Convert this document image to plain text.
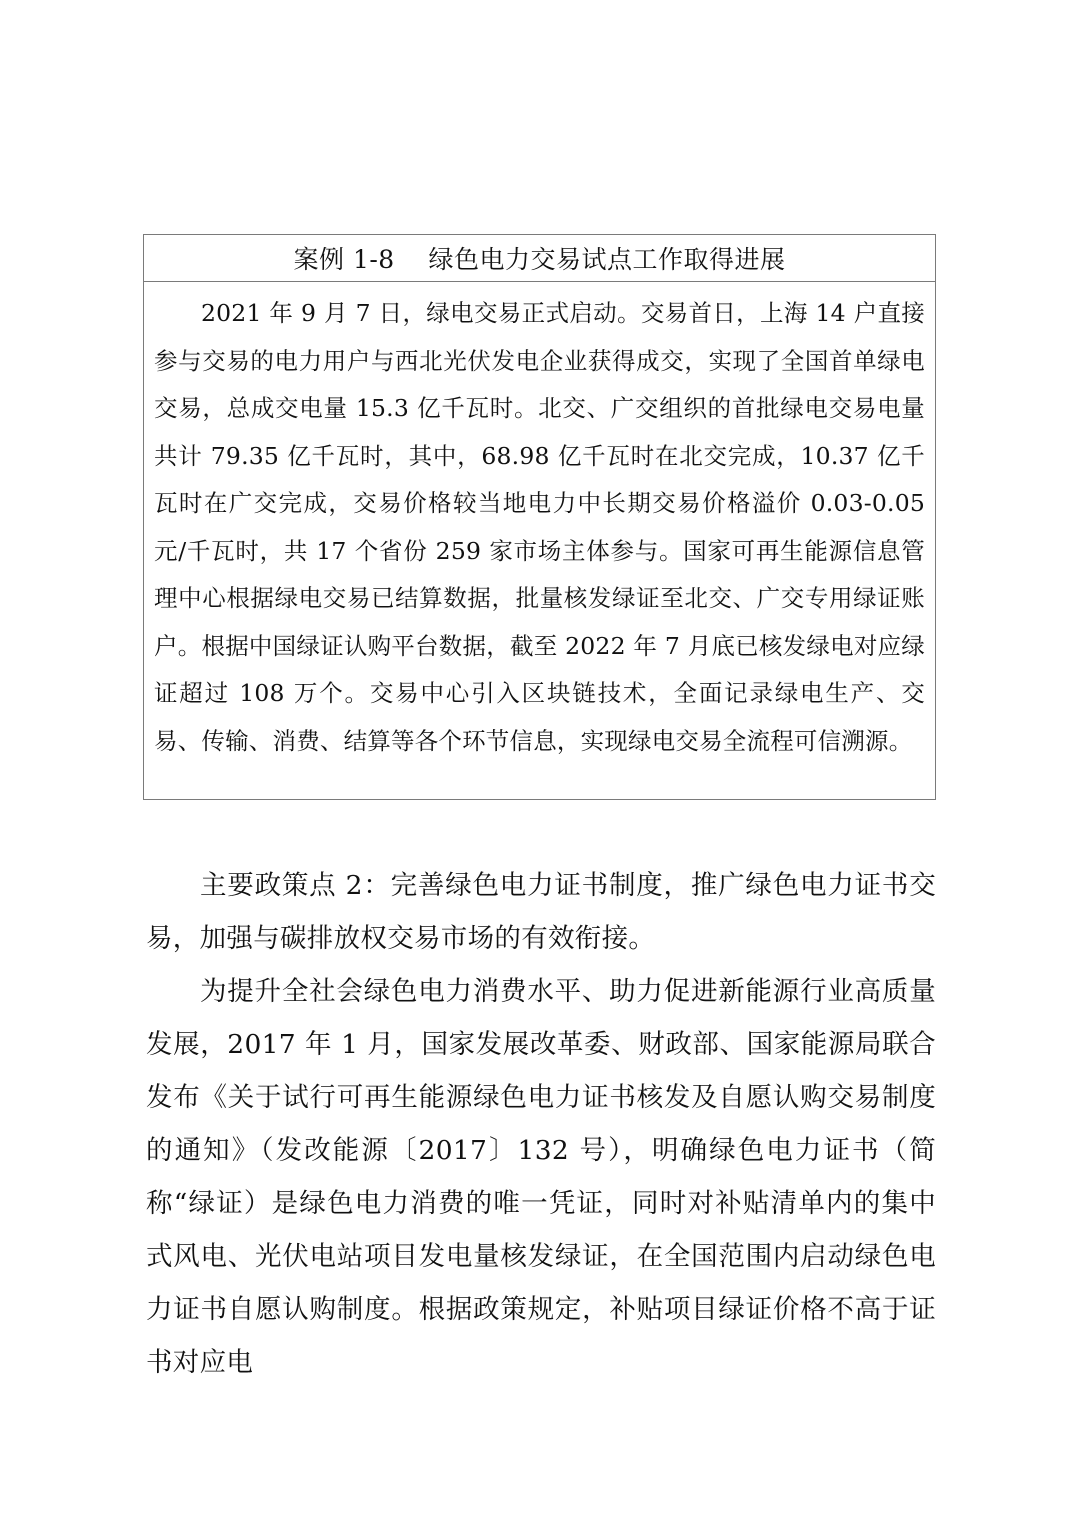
案例 1-8    绿色电力交易试点工作取得进展
2021 年 9 月 7 日，绿电交易正式启动。交易首日，上海 14 户直接参与交易的电力用户与西北光伏发电企业获得成交，实现了全国首单绿电交易，总成交电量 15.3 亿千瓦时。北交、广交组织的首批绿电交易电量共计 79.35 亿千瓦时，其中，68.98 亿千瓦时在北交完成，10.37 亿千瓦时在广交完成，交易价格较当地电力中长期交易价格溢价 0.03-0.05 元/千瓦时，共 17 个省份 259 家市场主体参与。国家可再生能源信息管理中心根据绿电交易已结算数据，批量核发绿证至北交、广交专用绿证账户。根据中国绿证认购平台数据，截至 2022 年 7 月底已核发绿电对应绿证超过 108 万个。交易中心引入区块链技术，全面记录绿电生产、交易、传输、消费、结算等各个环节信息，实现绿电交易全流程可信溯源。

主要政策点 2：完善绿色电力证书制度，推广绿色电力证书交易，加强与碳排放权交易市场的有效衔接。

为提升全社会绿色电力消费水平、助力促进新能源行业高质量发展，2017 年 1 月，国家发展改革委、财政部、国家能源局联合发布《关于试行可再生能源绿色电力证书核发及自愿认购交易制度的通知》（发改能源〔2017〕132 号），明确绿色电力证书（简称“绿证）是绿色电力消费的唯一凭证，同时对补贴清单内的集中式风电、光伏电站项目发电量核发绿证，在全国范围内启动绿色电力证书自愿认购制度。根据政策规定，补贴项目绿证价格不高于证书对应电
